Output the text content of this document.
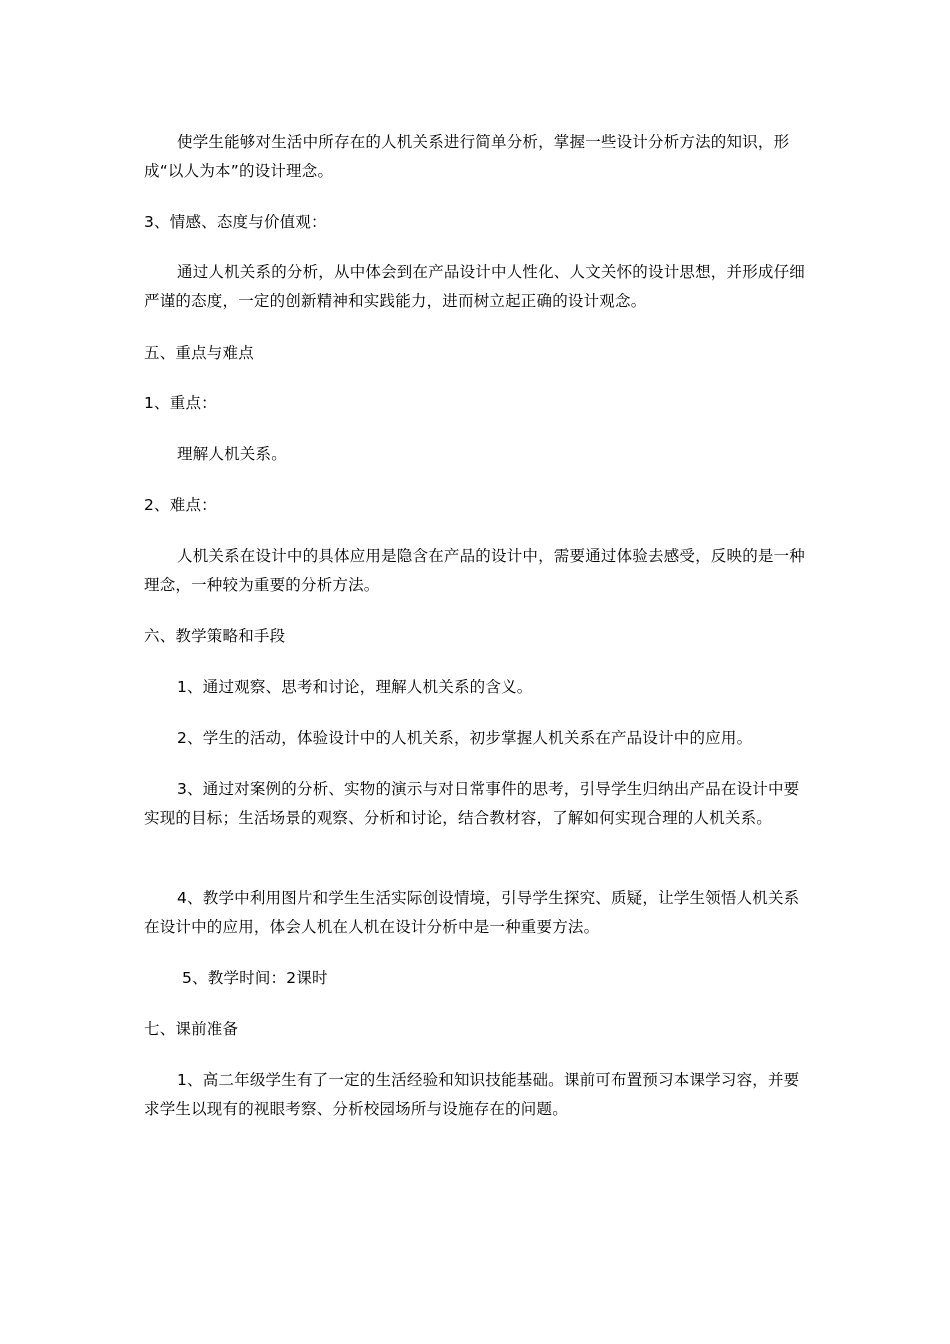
使学生能够对生活中所存在的人机关系进行简单分析，掌握一些设计分析方法的知识，形成“以人为本”的设计理念。

3、情感、态度与价值观：

通过人机关系的分析，从中体会到在产品设计中人性化、人文关怀的设计思想，并形成仔细严谨的态度，一定的创新精神和实践能力，进而树立起正确的设计观念。

五、重点与难点

1、重点：

理解人机关系。

2、难点：

人机关系在设计中的具体应用是隐含在产品的设计中，需要通过体验去感受，反映的是一种理念，一种较为重要的分析方法。

六、教学策略和手段

1、通过观察、思考和讨论，理解人机关系的含义。

2、学生的活动，体验设计中的人机关系，初步掌握人机关系在产品设计中的应用。

3、通过对案例的分析、实物的演示与对日常事件的思考，引导学生归纳出产品在设计中要实现的目标；生活场景的观察、分析和讨论，结合教材容，了解如何实现合理的人机关系。

4、教学中利用图片和学生生活实际创设情境，引导学生探究、质疑，让学生领悟人机关系在设计中的应用，体会人机在人机在设计分析中是一种重要方法。

5、教学时间：2课时

七、课前准备

1、高二年级学生有了一定的生活经验和知识技能基础。课前可布置预习本课学习容，并要求学生以现有的视眼考察、分析校园场所与设施存在的问题。
